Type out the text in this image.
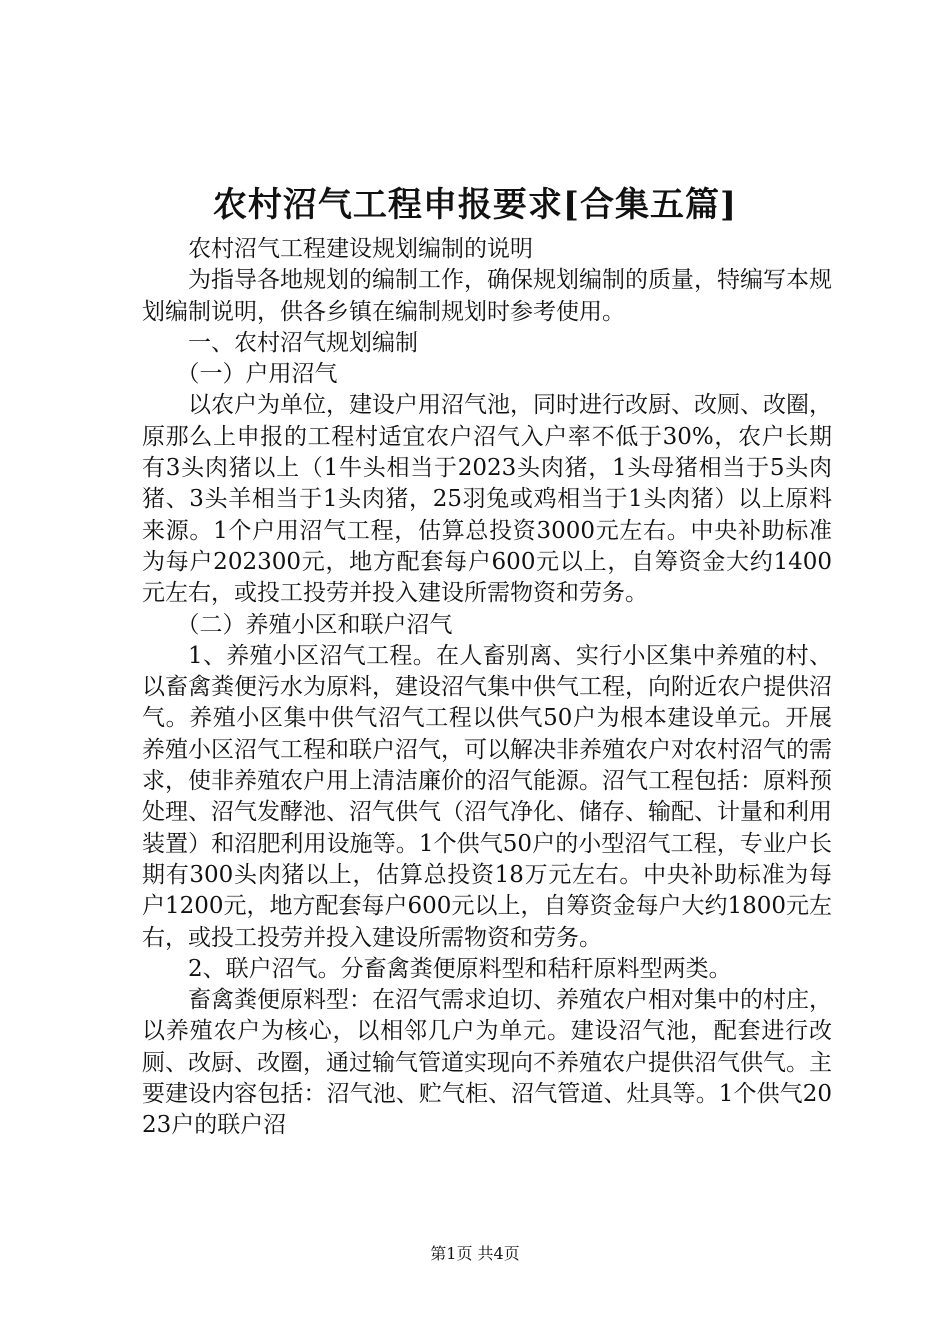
农村沼气工程申报要求[合集五篇]

农村沼气工程建设规划编制的说明

为指导各地规划的编制工作，确保规划编制的质量，特编写本规划编制说明，供各乡镇在编制规划时参考使用。

一、农村沼气规划编制

（一）户用沼气

以农户为单位，建设户用沼气池，同时进行改厨、改厕、改圈，原那么上申报的工程村适宜农户沼气入户率不低于30%，农户长期有3头肉猪以上（1牛头相当于2023头肉猪，1头母猪相当于5头肉猪、3头羊相当于1头肉猪，25羽兔或鸡相当于1头肉猪）以上原料来源。1个户用沼气工程，估算总投资3000元左右。中央补助标准为每户202300元，地方配套每户600元以上，自筹资金大约1400元左右，或投工投劳并投入建设所需物资和劳务。

（二）养殖小区和联户沼气

1、养殖小区沼气工程。在人畜别离、实行小区集中养殖的村、以畜禽粪便污水为原料，建设沼气集中供气工程，向附近农户提供沼气。养殖小区集中供气沼气工程以供气50户为根本建设单元。开展养殖小区沼气工程和联户沼气，可以解决非养殖农户对农村沼气的需求，使非养殖农户用上清洁廉价的沼气能源。沼气工程包括：原料预处理、沼气发酵池、沼气供气（沼气净化、储存、输配、计量和利用装置）和沼肥利用设施等。1个供气50户的小型沼气工程，专业户长期有300头肉猪以上，估算总投资18万元左右。中央补助标准为每户1200元，地方配套每户600元以上，自筹资金每户大约1800元左右，或投工投劳并投入建设所需物资和劳务。

2、联户沼气。分畜禽粪便原料型和秸秆原料型两类。

畜禽粪便原料型：在沼气需求迫切、养殖农户相对集中的村庄，以养殖农户为核心，以相邻几户为单元。建设沼气池，配套进行改厕、改厨、改圈，通过输气管道实现向不养殖农户提供沼气供气。主要建设内容包括：沼气池、贮气柜、沼气管道、灶具等。1个供气2023户的联户沼

第1页 共4页
